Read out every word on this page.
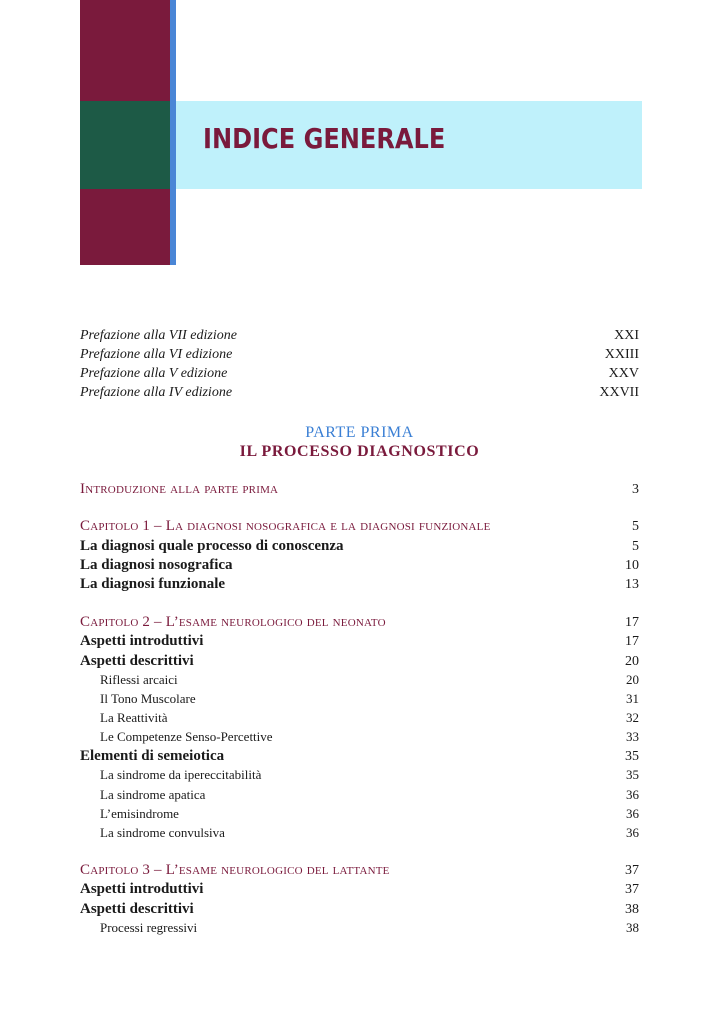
INDICE GENERALE
Prefazione alla VII edizione	XXI
Prefazione alla VI edizione	XXIII
Prefazione alla V edizione	XXV
Prefazione alla IV edizione	XXVII
PARTE PRIMA
IL PROCESSO DIAGNOSTICO
Introduzione alla parte prima	3
Capitolo 1 – La diagnosi nosografica e la diagnosi funzionale	5
La diagnosi quale processo di conoscenza	5
La diagnosi nosografica	10
La diagnosi funzionale	13
Capitolo 2 – L’esame neurologico del neonato	17
Aspetti introduttivi	17
Aspetti descrittivi	20
Riflessi arcaici	20
Il Tono Muscolare	31
La Reattività	32
Le Competenze Senso-Percettive	33
Elementi di semeiotica	35
La sindrome da ipereccitabilità	35
La sindrome apatica	36
L’emisindrome	36
La sindrome convulsiva	36
Capitolo 3 – L’esame neurologico del lattante	37
Aspetti introduttivi	37
Aspetti descrittivi	38
Processi regressivi	38
